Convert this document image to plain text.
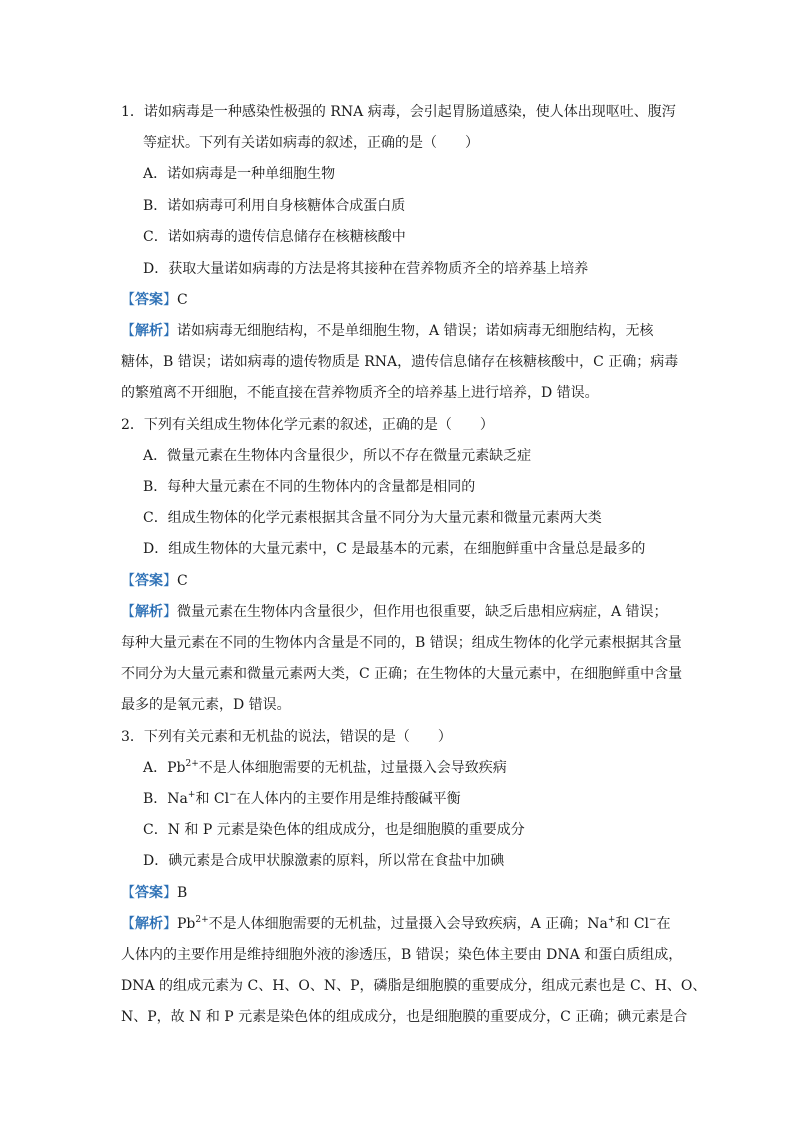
1．诺如病毒是一种感染性极强的 RNA 病毒，会引起胃肠道感染，使人体出现呕吐、腹泻
等症状。下列有关诺如病毒的叙述，正确的是（　　）
A．诺如病毒是一种单细胞生物
B．诺如病毒可利用自身核糖体合成蛋白质
C．诺如病毒的遗传信息储存在核糖核酸中
D．获取大量诺如病毒的方法是将其接种在营养物质齐全的培养基上培养
【答案】C
【解析】诺如病毒无细胞结构，不是单细胞生物，A 错误；诺如病毒无细胞结构，无核
糖体，B 错误；诺如病毒的遗传物质是 RNA，遗传信息储存在核糖核酸中，C 正确；病毒
的繁殖离不开细胞，不能直接在营养物质齐全的培养基上进行培养，D 错误。
2．下列有关组成生物体化学元素的叙述，正确的是（　　）
A．微量元素在生物体内含量很少，所以不存在微量元素缺乏症
B．每种大量元素在不同的生物体内的含量都是相同的
C．组成生物体的化学元素根据其含量不同分为大量元素和微量元素两大类
D．组成生物体的大量元素中，C 是最基本的元素，在细胞鲜重中含量总是最多的
【答案】C
【解析】微量元素在生物体内含量很少，但作用也很重要，缺乏后患相应病症，A 错误；
每种大量元素在不同的生物体内含量是不同的，B 错误；组成生物体的化学元素根据其含量
不同分为大量元素和微量元素两大类，C 正确；在生物体的大量元素中，在细胞鲜重中含量
最多的是氧元素，D 错误。
3．下列有关元素和无机盐的说法，错误的是（　　）
A．$Pb^{2+}$不是人体细胞需要的无机盐，过量摄入会导致疾病
B．Na+和 Cl−在人体内的主要作用是维持酸碱平衡
C．N 和 P 元素是染色体的组成成分，也是细胞膜的重要成分
D．碘元素是合成甲状腺激素的原料，所以常在食盐中加碘
【答案】B
【解析】$Pb^{2+}$不是人体细胞需要的无机盐，过量摄入会导致疾病，A 正确；Na+和 Cl−在
人体内的主要作用是维持细胞外液的渗透压，B 错误；染色体主要由 DNA 和蛋白质组成，
DNA 的组成元素为 C、H、O、N、P，磷脂是细胞膜的重要成分，组成元素也是 C、H、O、
N、P，故 N 和 P 元素是染色体的组成成分，也是细胞膜的重要成分，C 正确；碘元素是合
